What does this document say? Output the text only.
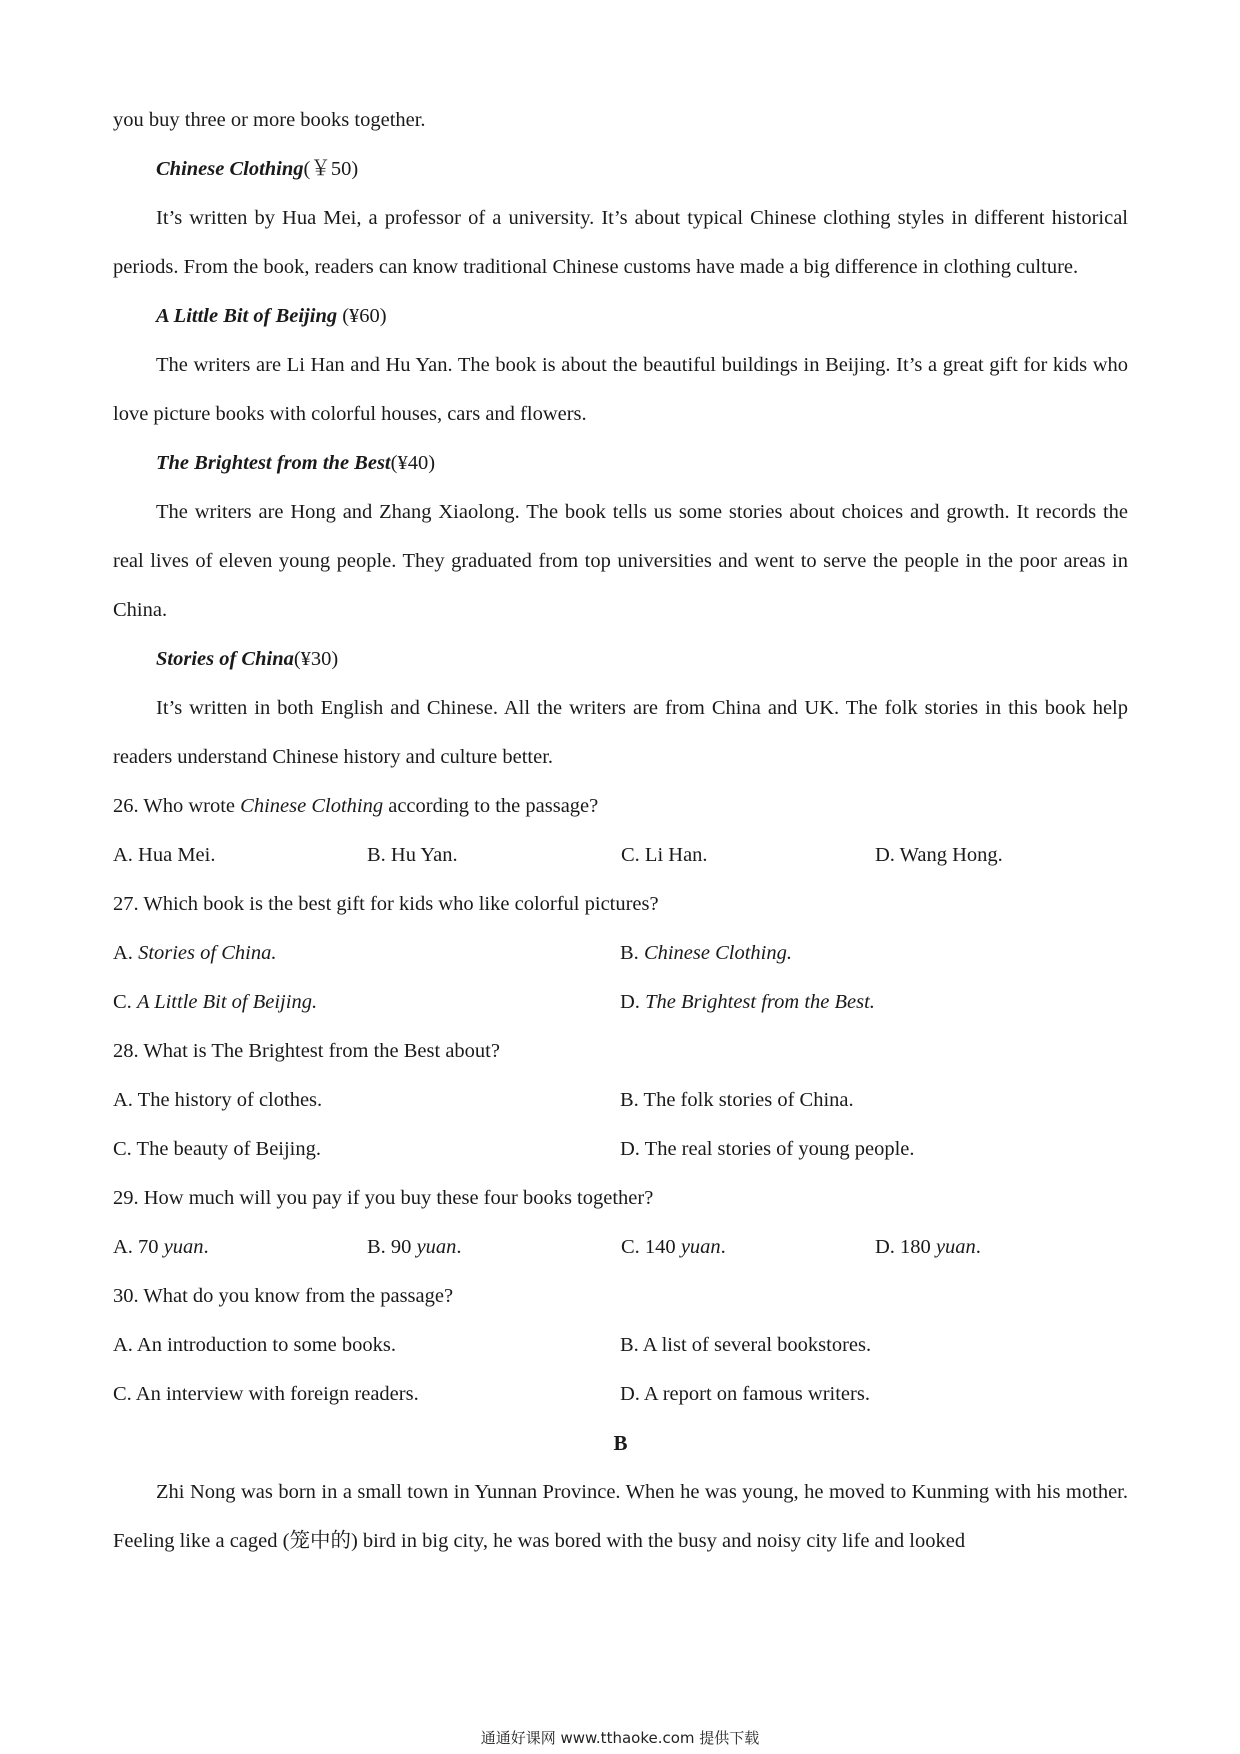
you buy three or more books together.
Chinese Clothing(￥50)

It’s written by Hua Mei, a professor of a university. It’s about typical Chinese clothing styles in different historical periods. From the book, readers can know traditional Chinese customs have made a big difference in clothing culture.

A Little Bit of Beijing (¥60)

The writers are Li Han and Hu Yan. The book is about the beautiful buildings in Beijing. It’s a great gift for kids who love picture books with colorful houses, cars and flowers.

The Brightest from the Best(¥40)

The writers are Hong and Zhang Xiaolong. The book tells us some stories about choices and growth. It records the real lives of eleven young people. They graduated from top universities and went to serve the people in the poor areas in China.

Stories of China(¥30)

It’s written in both English and Chinese. All the writers are from China and UK. The folk stories in this book help readers understand Chinese history and culture better.

26. Who wrote Chinese Clothing according to the passage?
A. Hua Mei.	B. Hu Yan.	C. Li Han.	D. Wang Hong.
27. Which book is the best gift for kids who like colorful pictures?
A. Stories of China.	B. Chinese Clothing.
C. A Little Bit of Beijing.	D. The Brightest from the Best.
28. What is The Brightest from the Best about?
A. The history of clothes.	B. The folk stories of China.
C. The beauty of Beijing.	D. The real stories of young people.
29. How much will you pay if you buy these four books together?
A. 70 yuan.	B. 90 yuan.	C. 140 yuan.	D. 180 yuan.
30. What do you know from the passage?
A. An introduction to some books.	B. A list of several bookstores.
C. An interview with foreign readers.	D. A report on famous writers.
B

Zhi Nong was born in a small town in Yunnan Province. When he was young, he moved to Kunming with his mother. Feeling like a caged (笼中的) bird in big city, he was bored with the busy and noisy city life and looked

通通好课网 www.tthaoke.com 提供下载
